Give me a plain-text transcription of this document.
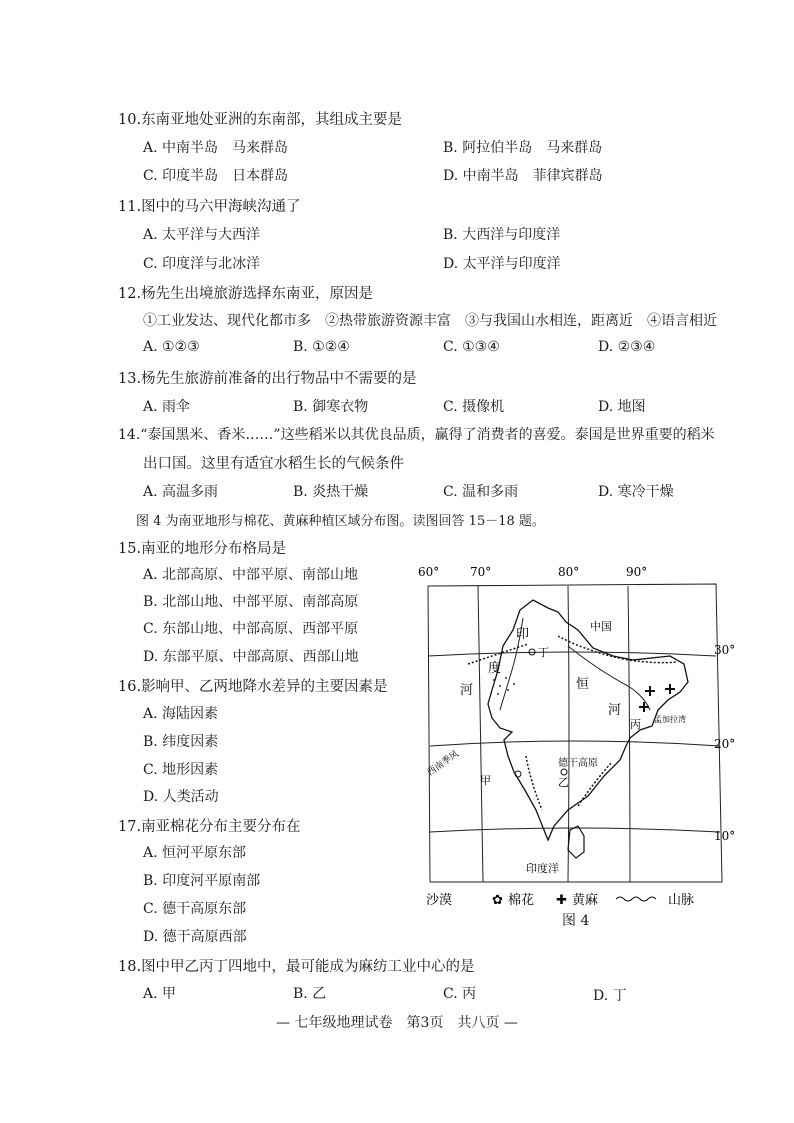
10.东南亚地处亚洲的东南部，其组成主要是
A. 中南半岛　马来群岛	B. 阿拉伯半岛　马来群岛
C. 印度半岛　日本群岛	D. 中南半岛　菲律宾群岛
11.图中的马六甲海峡沟通了
A. 太平洋与大西洋	B. 大西洋与印度洋
C. 印度洋与北冰洋	D. 太平洋与印度洋
12.杨先生出境旅游选择东南亚，原因是
①工业发达、现代化都市多　②热带旅游资源丰富　③与我国山水相连，距离近　④语言相近
A. ①②③	B. ①②④	C. ①③④	D. ②③④
13.杨先生旅游前准备的出行物品中不需要的是
A. 雨伞	B. 御寒衣物	C. 摄像机	D. 地图
14.“泰国黑米、香米……”这些稻米以其优良品质，赢得了消费者的喜爱。泰国是世界重要的稻米
出口国。这里有适宜水稻生长的气候条件
A. 高温多雨	B. 炎热干燥	C. 温和多雨	D. 寒冷干燥
图 4 为南亚地形与棉花、黄麻种植区域分布图。读图回答 15－18 题。
15.南亚的地形分布格局是
A. 北部高原、中部平原、南部山地
B. 北部山地、中部平原、南部高原
C. 东部山地、中部高原、西部平原
D. 东部平原、中部高原、西部山地
16.影响甲、乙两地降水差异的主要因素是
A. 海陆因素
B. 纬度因素
C. 地形因素
D. 人类活动
17.南亚棉花分布主要分布在
A. 恒河平原东部
B. 印度河平原南部
C. 德干高原东部
D. 德干高原西部
18.图中甲乙丙丁四地中，最可能成为麻纺工业中心的是
A. 甲	B. 乙	C. 丙	D. 丁
60°	70°	80°	90°
30°
20°
10°
中国
印
度
河	恒
河
丁
丙
甲	乙
德干高原
西南季风
印度洋
孟加拉湾
沙漠	✿ 棉花 ✚ 黄麻	山脉
图 4
— 七年级地理试卷　第3页　共八页 —
